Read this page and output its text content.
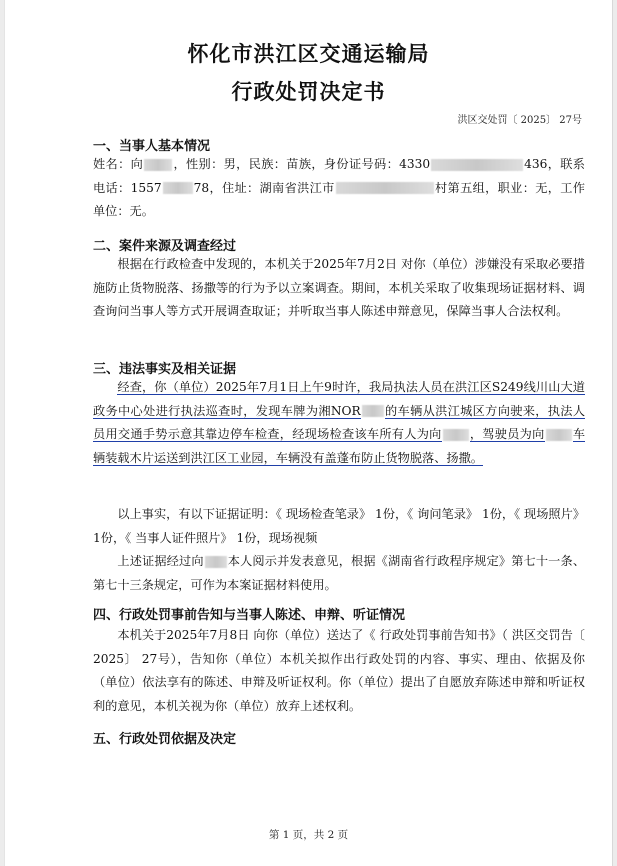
怀化市洪江区交通运输局
行政处罚决定书
洪区交处罚〔 2025〕 27号
一、当事人基本情况
姓名：向 ，性别：男，民族：苗族，身份证号码：4330	436，联系电话：1557	78，住址：湖南省洪江市	村第五组，职业：无，工作单位：无。
二、案件来源及调查经过
根据在行政检查中发现的，本机关于2025年7月2日 对你（单位）涉嫌没有采取必要措施防止货物脱落、扬撒等的行为予以立案调查。期间，本机关采取了收集现场证据材料、调查询问当事人等方式开展调查取证；并听取当事人陈述申辩意见，保障当事人合法权利。
三、违法事实及相关证据
经查，你（单位）2025年7月1日上午9时许，我局执法人员在洪江区S249线川山大道政务中心处进行执法巡查时，发现车牌为湘NOR 的车辆从洪江城区方向驶来，执法人员用交通手势示意其靠边停车检查，经现场检查该车所有人为向 ，驾驶员为向 车辆装载木片运送到洪江区工业园，车辆没有盖蓬布防止货物脱落、扬撒。
以上事实，有以下证据证明：《 现场检查笔录》 1份，《 询问笔录》 1份，《 现场照片》 1份，《 当事人证件照片》 1份，现场视频
上述证据经过向 本人阅示并发表意见，根据《湖南省行政程序规定》第七十一条、第七十三条规定，可作为本案证据材料使用。
四、行政处罚事前告知与当事人陈述、申辩、听证情况
本机关于2025年7月8日 向你（单位）送达了《 行政处罚事前告知书》（ 洪区交罚告〔 2025〕 27号），告知你（单位）本机关拟作出行政处罚的内容、事实、理由、依据及你（单位）依法享有的陈述、申辩及听证权利。你（单位）提出了自愿放弃陈述申辩和听证权利的意见，本机关视为你（单位）放弃上述权利。
五、行政处罚依据及决定
第 1 页，共 2 页
